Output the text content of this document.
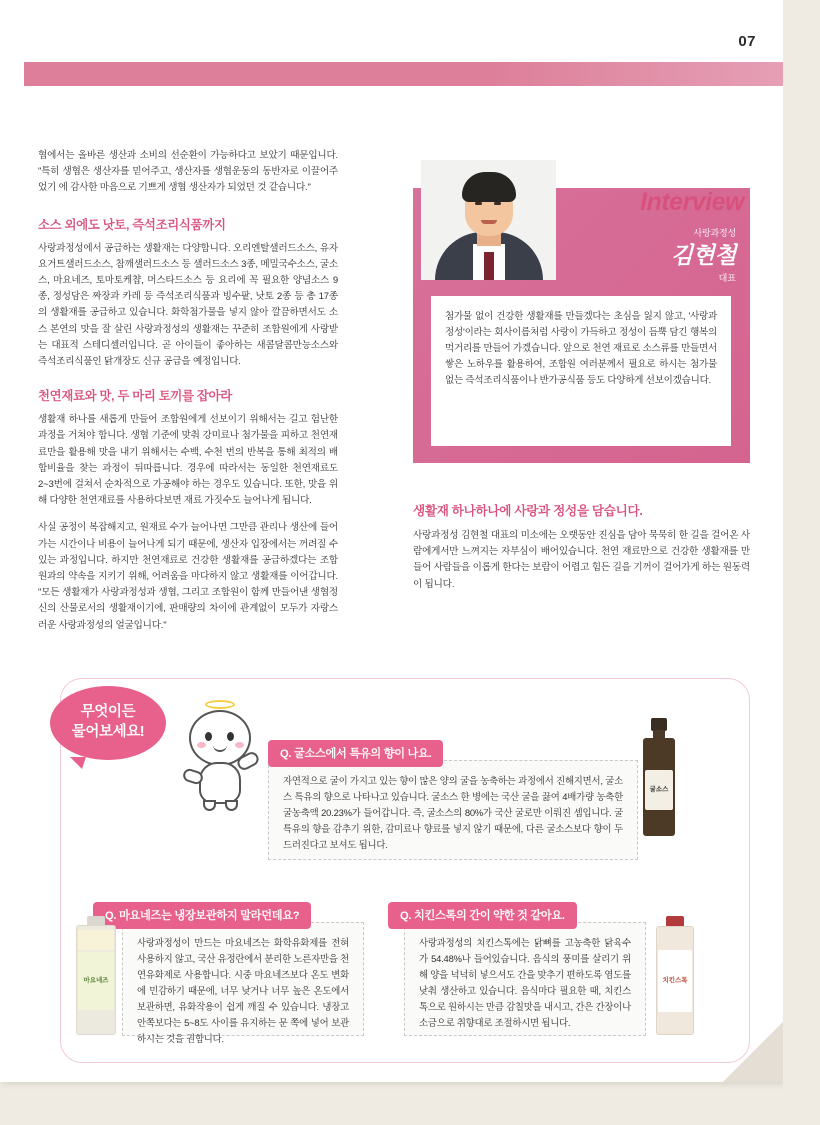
07

협에서는 올바른 생산과 소비의 선순환이 가능하다고 보았기 때문입니다. "특히 생협은 생산자를 믿어주고, 생산자를 생협운동의 동반자로 이끌어주었기 에 감사한 마음으로 기쁘게 생협 생산자가 되었던 것 같습니다."

소스 외에도 낫토, 즉석조리식품까지

사랑과정성에서 공급하는 생활재는 다양합니다. 오리엔탈샐러드소스, 유자요거트샐러드소스, 참깨샐러드소스 등 샐러드소스 3종, 메밀국수소스, 굴소스, 마요네즈, 토마토케챱, 머스타드소스 등 요리에 꼭 필요한 양념소스 9종, 정성담은 짜장과 카레 등 즉석조리식품과 빙수팥, 낫토 2종 등 총 17종의 생활재를 공급하고 있습니다. 화학첨가물을 넣지 않아 깔끔하면서도 소스 본연의 맛을 잘 살린 사랑과정성의 생활재는 꾸준히 조합원에게 사랑받는 대표적 스테디셀러입니다. 곧 아이들이 좋아하는 새콤달콤만능소스와 즉석조리식품인 닭개장도 신규 공급을 예정입니다.

천연재료와 맛, 두 마리 토끼를 잡아라

생활재 하나를 새롭게 만들어 조합원에게 선보이기 위해서는 길고 험난한 과정을 거쳐야 합니다. 생협 기준에 맞춰 강미료나 첨가물을 피하고 천연재료만을 활용해 맛을 내기 위해서는 수백, 수천 번의 반복을 통해 최적의 배합비율을 찾는 과정이 뒤따릅니다. 경우에 따라서는 동일한 천연재료도 2~3번에 걸쳐서 순차적으로 가공해야 하는 경우도 있습니다. 또한, 맛을 위해 다양한 천연재료를 사용하다보면 재료 가짓수도 늘어나게 됩니다.

사실 공정이 복잡해지고, 원재료 수가 늘어나면 그만큼 관리나 생산에 들어가는 시간이나 비용이 늘어나게 되기 때문에, 생산자 입장에서는 꺼려질 수 있는 과정입니다. 하지만 천연재료로 건강한 생활재를 공급하겠다는 조합원과의 약속을 지키기 위해, 어려움을 마다하지 않고 생활재를 이어갑니다. "모든 생활재가 사랑과정성과 생협, 그리고 조합원이 함께 만들어낸 생협정신의 산물로서의 생활재이기에, 판매량의 차이에 관계없이 모두가 자랑스러운 사랑과정성의 얼굴입니다."

Interview
사랑과정성
김현철
대표

첨가물 없이 건강한 생활재를 만들겠다는 초심을 잃지 않고, '사랑과정성'이라는 회사이름처럼 사랑이 가득하고 정성이 듬뿍 담긴 행복의 먹거리를 만들어 가겠습니다. 앞으로 천연 재료로 소스류를 만들면서 쌓은 노하우를 활용하여, 조합원 여러분께서 필요로 하시는 첨가물 없는 즉석조리식품이나 반가공식품 등도 다양하게 선보이겠습니다.

생활재 하나하나에 사랑과 정성을 담습니다.

사랑과정성 김현철 대표의 미소에는 오랫동안 진심을 담아 묵묵히 한 길을 걸어온 사람에게서만 느껴지는 자부심이 배어있습니다. 천연 재료만으로 건강한 생활재를 만들어 사람들을 이롭게 한다는 보람이 어렵고 힘든 길을 기꺼이 걸어가게 하는 원동력이 됩니다.

무엇이든
물어보세요!
Q. 굴소스에서 특유의 향이 나요.

자연적으로 굴이 가지고 있는 향이 많은 양의 굴을 농축하는 과정에서 진해지면서, 굴소스 특유의 향으로 나타나고 있습니다. 굴소스 한 병에는 국산 굴을 끓여 4배가량 농축한 굴농축액 20.23%가 들어갑니다. 즉, 굴소스의 80%가 국산 굴로만 이뤄진 셈입니다. 굴 특유의 향을 감추기 위한, 감미료나 향료를 넣지 않기 때문에, 다른 굴소스보다 향이 두드러진다고 보셔도 됩니다.

굴소스
Q. 마요네즈는 냉장보관하지 말라던데요?

사랑과정성이 만드는 마요네즈는 화학유화제를 전혀 사용하지 않고, 국산 유정란에서 분리한 노른자만을 천연유화제로 사용합니다. 시중 마요네즈보다 온도 변화에 민감하기 때문에, 너무 낮거나 너무 높은 온도에서 보관하면, 유화작용이 쉽게 깨질 수 있습니다. 냉장고 안쪽보다는 5~8도 사이를 유지하는 문 쪽에 넣어 보관하시는 것을 권합니다.

마요네즈
Q. 치킨스톡의 간이 약한 것 같아요.

사랑과정성의 치킨스톡에는 닭뼈를 고농축한 닭육수가 54.48%나 들어있습니다. 음식의 풍미를 살리기 위해 양을 넉넉히 넣으셔도 간을 맞추기 편하도록 염도를 낮춰 생산하고 있습니다. 음식마다 필요한 때, 치킨스톡으로 원하시는 만큼 감칠맛을 내시고, 간은 간장이나 소금으로 취향대로 조절하시면 됩니다.

치킨스톡
